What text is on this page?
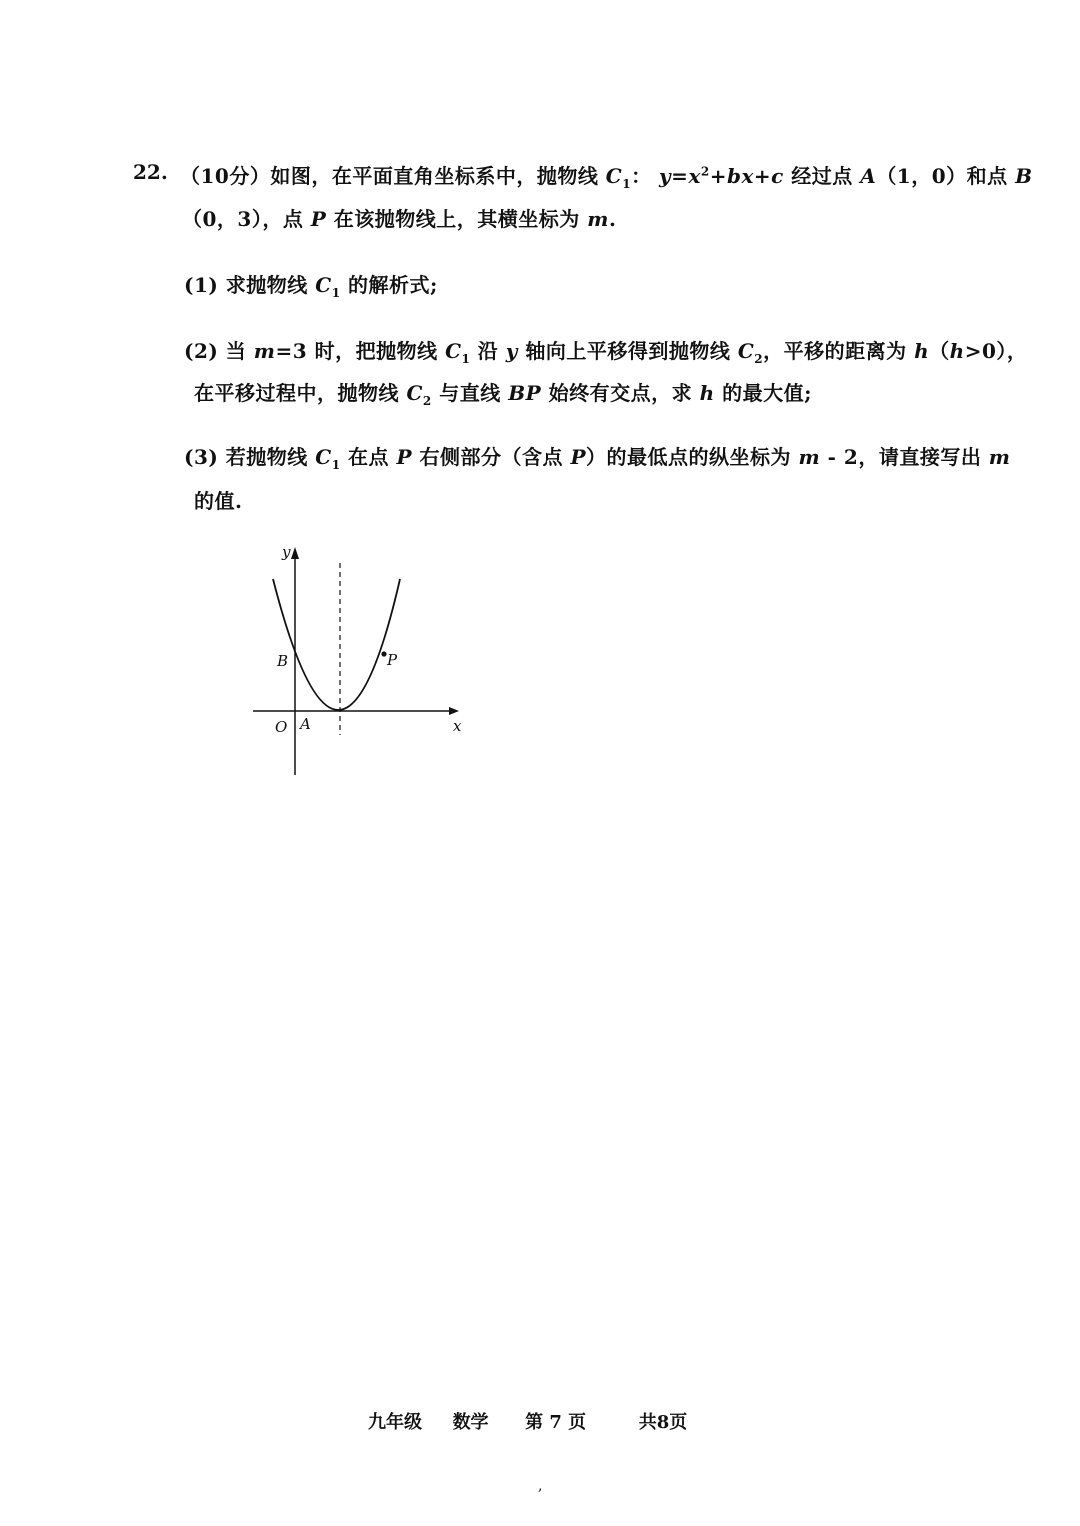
22. （10分）如图，在平面直角坐标系中，抛物线 $C_1$： $y=x^2+bx+c$ 经过点 A（1，0）和点 B
（0，3），点 P 在该抛物线上，其横坐标为 m.
(1) 求抛物线 $C_1$ 的解析式;
(2) 当 m=3 时，把抛物线 $C_1$ 沿 y 轴向上平移得到抛物线 $C_2$，平移的距离为 h（h>0），
在平移过程中，抛物线 $C_2$ 与直线 BP 始终有交点，求 h 的最大值;
(3) 若抛物线 $C_1$ 在点 P 右侧部分（含点 P）的最低点的纵坐标为 m - 2，请直接写出 m
的值.
y
x
O A
B	P
九年级 数学 第 7 页	共8页
,
